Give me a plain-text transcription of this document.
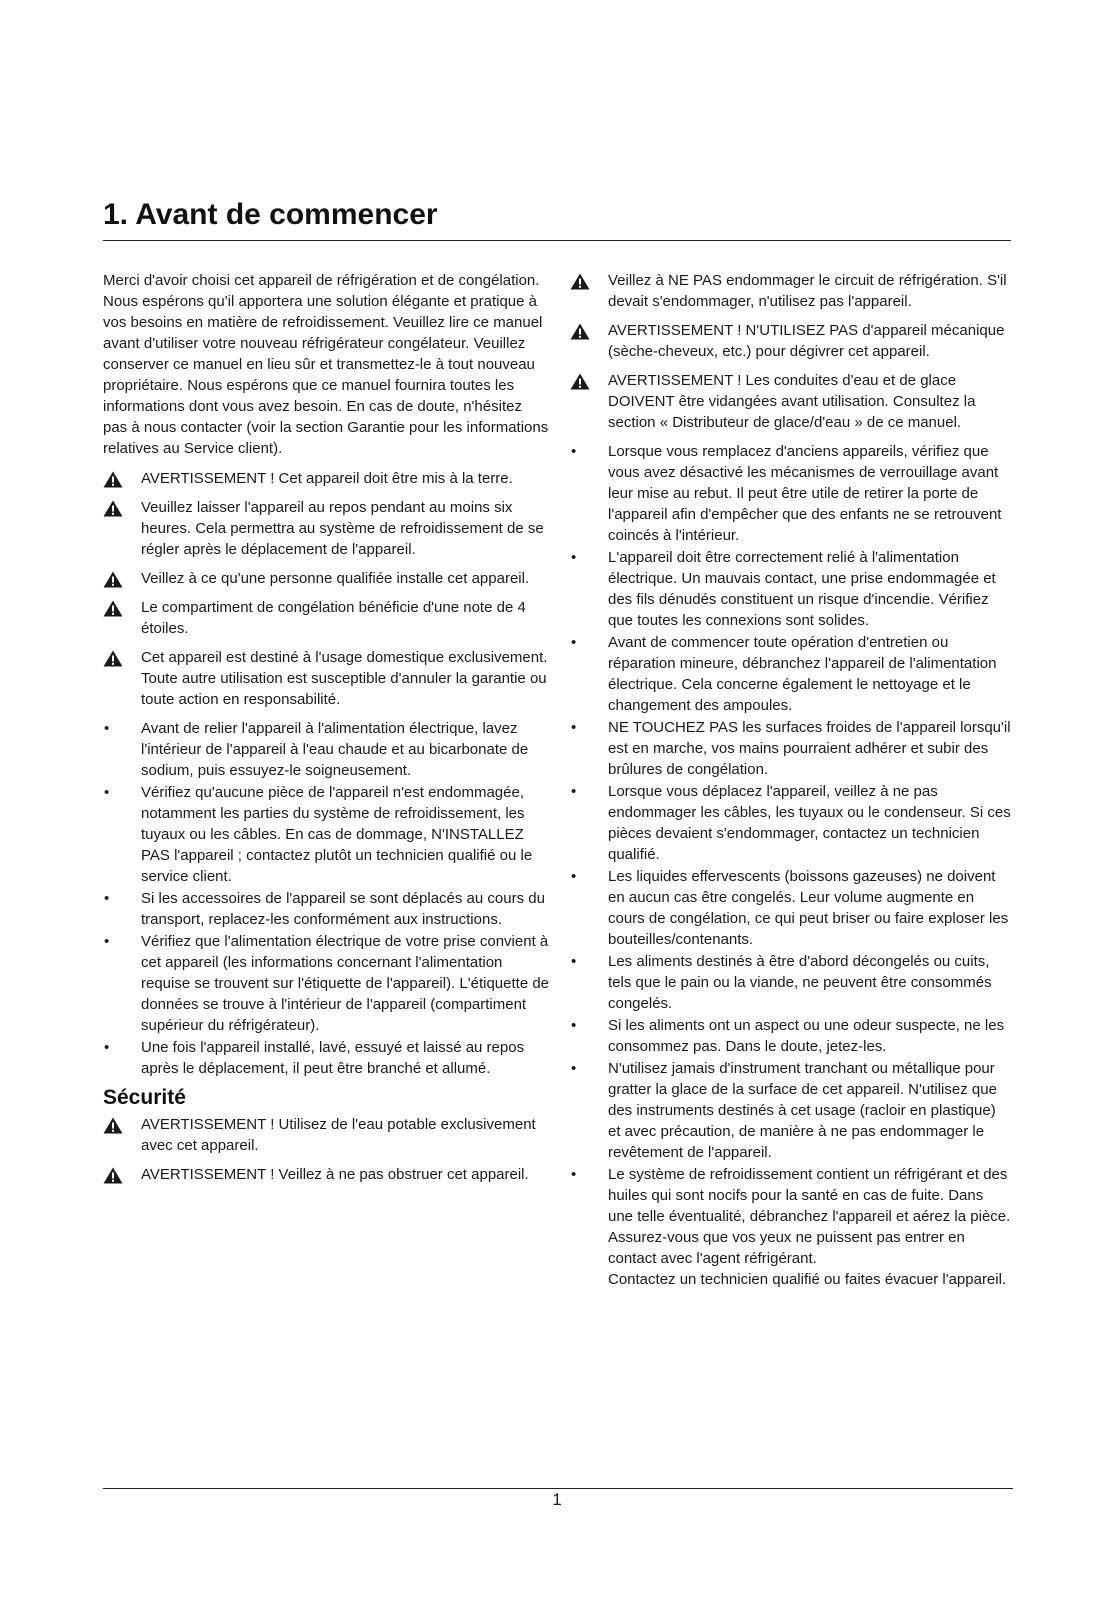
1. Avant de commencer

Merci d'avoir choisi cet appareil de réfrigération et de congélation. Nous espérons qu'il apportera une solution élégante et pratique à vos besoins en matière de refroidissement. Veuillez lire ce manuel avant d'utiliser votre nouveau réfrigérateur congélateur. Veuillez conserver ce manuel en lieu sûr et transmettez-le à tout nouveau propriétaire. Nous espérons que ce manuel fournira toutes les informations dont vous avez besoin. En cas de doute, n'hésitez pas à nous contacter (voir la section Garantie pour les informations relatives au Service client).

AVERTISSEMENT ! Cet appareil doit être mis à la terre.
Veuillez laisser l'appareil au repos pendant au moins six heures. Cela permettra au système de refroidissement de se régler après le déplacement de l'appareil.
Veillez à ce qu'une personne qualifiée installe cet appareil.
Le compartiment de congélation bénéficie d'une note de 4 étoiles.
Cet appareil est destiné à l'usage domestique exclusivement. Toute autre utilisation est susceptible d'annuler la garantie ou toute action en responsabilité.
•	Avant de relier l'appareil à l'alimentation électrique, lavez l'intérieur de l'appareil à l'eau chaude et au bicarbonate de sodium, puis essuyez-le soigneusement.
•	Vérifiez qu'aucune pièce de l'appareil n'est endommagée, notamment les parties du système de refroidissement, les tuyaux ou les câbles. En cas de dommage, N'INSTALLEZ PAS l'appareil ; contactez plutôt un technicien qualifié ou le service client.
•	Si les accessoires de l'appareil se sont déplacés au cours du transport, replacez-les conformément aux instructions.
•	Vérifiez que l'alimentation électrique de votre prise convient à cet appareil (les informations concernant l'alimentation requise se trouvent sur l'étiquette de l'appareil). L'étiquette de données se trouve à l'intérieur de l'appareil (compartiment supérieur du réfrigérateur).
•	Une fois l'appareil installé, lavé, essuyé et laissé au repos après le déplacement, il peut être branché et allumé.
Sécurité
AVERTISSEMENT ! Utilisez de l'eau potable exclusivement avec cet appareil.
AVERTISSEMENT ! Veillez à ne pas obstruer cet appareil.
Veillez à NE PAS endommager le circuit de réfrigération. S'il devait s'endommager, n'utilisez pas l'appareil.
AVERTISSEMENT ! N'UTILISEZ PAS d'appareil mécanique (sèche-cheveux, etc.) pour dégivrer cet appareil.
AVERTISSEMENT ! Les conduites d'eau et de glace DOIVENT être vidangées avant utilisation. Consultez la section « Distributeur de glace/d'eau » de ce manuel.
•	Lorsque vous remplacez d'anciens appareils, vérifiez que vous avez désactivé les mécanismes de verrouillage avant leur mise au rebut. Il peut être utile de retirer la porte de l'appareil afin d'empêcher que des enfants ne se retrouvent coincés à l'intérieur.
•	L'appareil doit être correctement relié à l'alimentation électrique. Un mauvais contact, une prise endommagée et des fils dénudés constituent un risque d'incendie. Vérifiez que toutes les connexions sont solides.
•	Avant de commencer toute opération d'entretien ou réparation mineure, débranchez l'appareil de l'alimentation électrique. Cela concerne également le nettoyage et le changement des ampoules.
•	NE TOUCHEZ PAS les surfaces froides de l'appareil lorsqu'il est en marche, vos mains pourraient adhérer et subir des brûlures de congélation.
•	Lorsque vous déplacez l'appareil, veillez à ne pas endommager les câbles, les tuyaux ou le condenseur. Si ces pièces devaient s'endommager, contactez un technicien qualifié.
•	Les liquides effervescents (boissons gazeuses) ne doivent en aucun cas être congelés. Leur volume augmente en cours de congélation, ce qui peut briser ou faire exploser les bouteilles/contenants.
•	Les aliments destinés à être d'abord décongelés ou cuits, tels que le pain ou la viande, ne peuvent être consommés congelés.
•	Si les aliments ont un aspect ou une odeur suspecte, ne les consommez pas. Dans le doute, jetez-les.
•	N'utilisez jamais d'instrument tranchant ou métallique pour gratter la glace de la surface de cet appareil. N'utilisez que des instruments destinés à cet usage (racloir en plastique) et avec précaution, de manière à ne pas endommager le revêtement de l'appareil.
•	Le système de refroidissement contient un réfrigérant et des huiles qui sont nocifs pour la santé en cas de fuite. Dans une telle éventualité, débranchez l'appareil et aérez la pièce. Assurez-vous que vos yeux ne puissent pas entrer en contact avec l'agent réfrigérant.
Contactez un technicien qualifié ou faites évacuer l'appareil.
1
